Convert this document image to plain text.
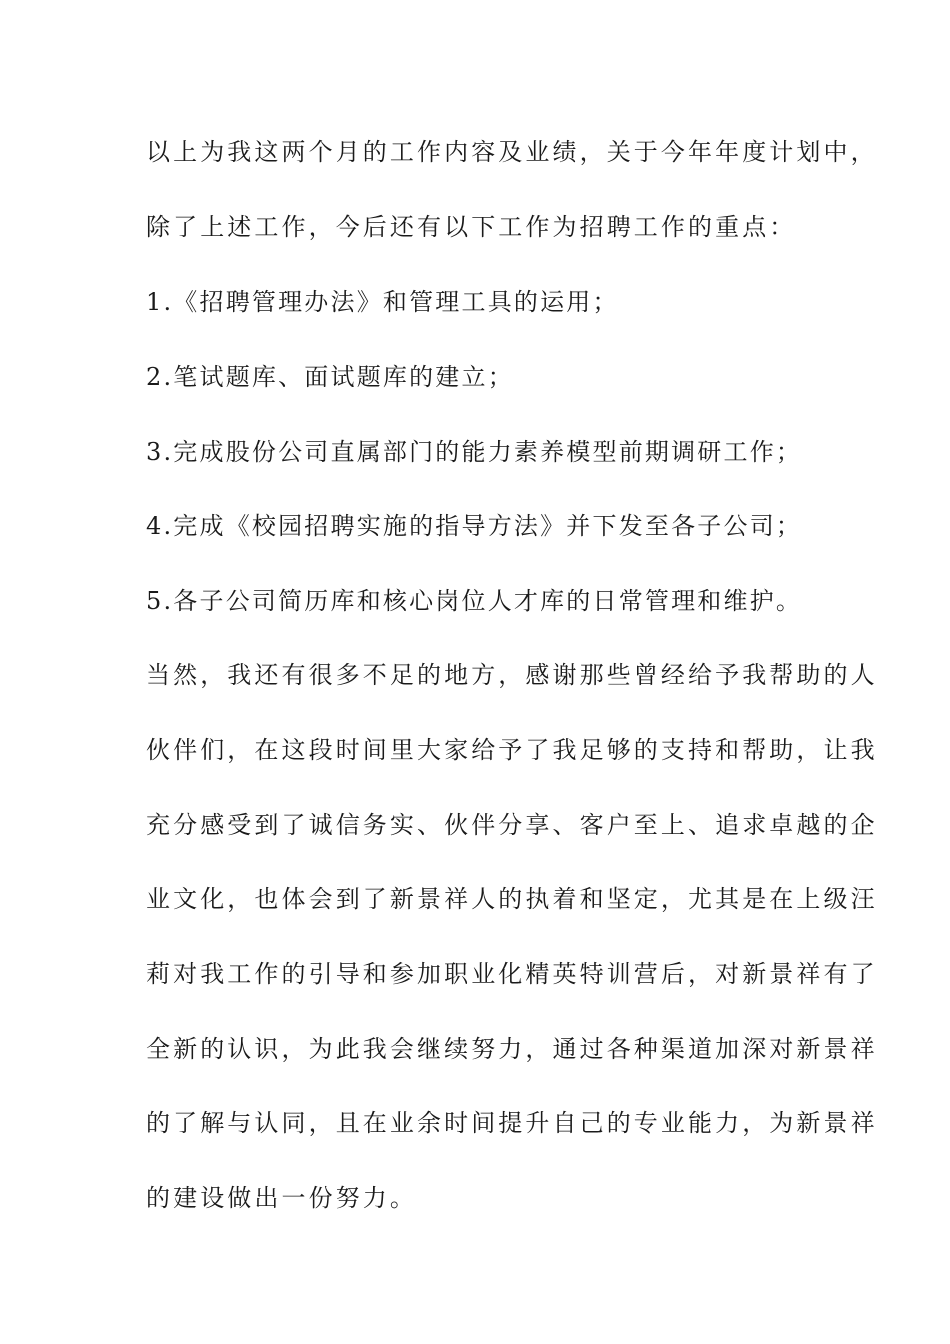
以上为我这两个月的工作内容及业绩，关于今年年度计划中，
除了上述工作，今后还有以下工作为招聘工作的重点：
1.《招聘管理办法》和管理工具的运用；
2.笔试题库、面试题库的建立；
3.完成股份公司直属部门的能力素养模型前期调研工作；
4.完成《校园招聘实施的指导方法》并下发至各子公司；
5.各子公司简历库和核心岗位人才库的日常管理和维护。
当然，我还有很多不足的地方，感谢那些曾经给予我帮助的人
伙伴们，在这段时间里大家给予了我足够的支持和帮助，让我
充分感受到了诚信务实、伙伴分享、客户至上、追求卓越的企
业文化，也体会到了新景祥人的执着和坚定，尤其是在上级汪
莉对我工作的引导和参加职业化精英特训营后，对新景祥有了
全新的认识，为此我会继续努力，通过各种渠道加深对新景祥
的了解与认同，且在业余时间提升自己的专业能力，为新景祥
的建设做出一份努力。
